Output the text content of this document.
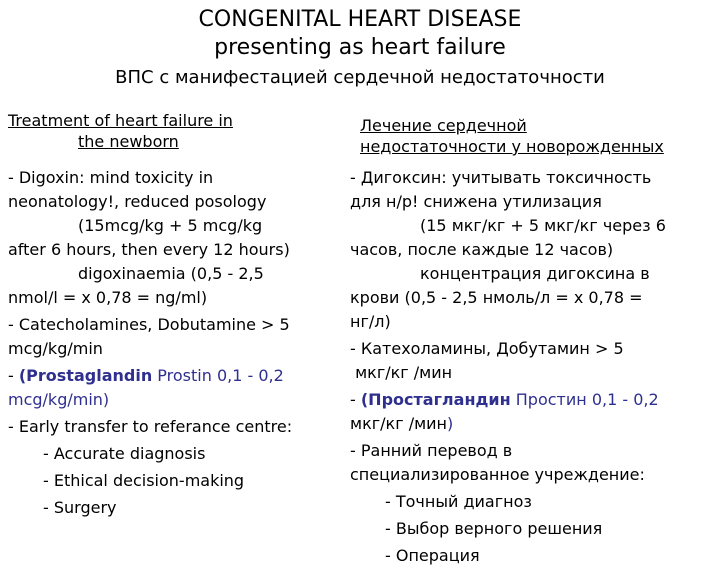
CONGENITAL HEART DISEASE
presenting as heart failure
ВПС с манифестацией сердечной недостаточности
Treatment of heart failure in
the newborn
Лечение сердечной
недостаточности у новорожденных
- Digoxin: mind toxicity in
neonatology!, reduced posology
(15mcg/kg + 5 mcg/kg
after 6 hours, then every 12 hours)
digoxinaemia (0,5 - 2,5
nmol/l = x 0,78 = ng/ml)
- Catecholamines, Dobutamine > 5
mcg/kg/min
- (Prostaglandin Prostin 0,1 - 0,2
mcg/kg/min)
- Early transfer to referance centre:
- Accurate diagnosis
- Ethical decision-making
- Surgery
- Дигоксин: учитывать токсичность
для н/р! снижена утилизация
(15 мкг/кг + 5 мкг/кг через 6
часов, после каждые 12 часов)
концентрация дигоксина в
крови (0,5 - 2,5 нмоль/л = x 0,78 =
нг/л)
- Катехоламины, Добутамин > 5
мкг/кг /мин
- (Простагландин Простин 0,1 - 0,2
мкг/кг /мин)
- Ранний перевод в
специализированное учреждение:
- Точный диагноз
- Выбор верного решения
- Операция
